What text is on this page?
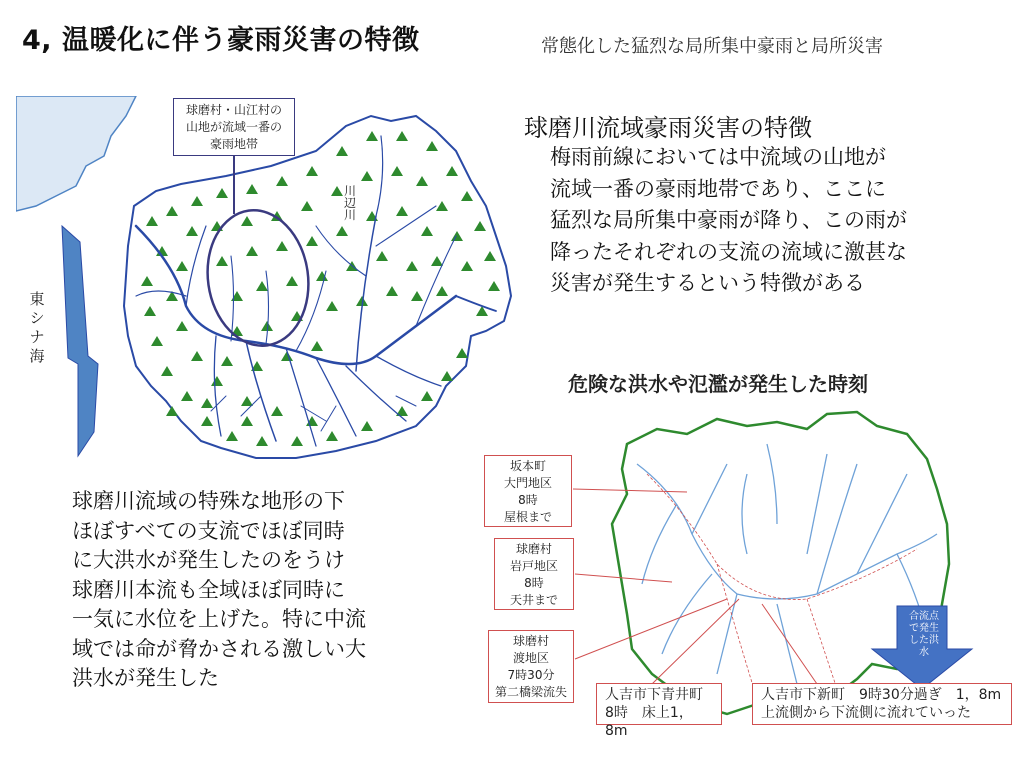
4, 温暖化に伴う豪雨災害の特徴	常態化した猛烈な局所集中豪雨と局所災害
球磨村・山江村の
山地が流域一番の
豪雨地帯
川
辺
川
東
シ
ナ
海
球磨川流域豪雨災害の特徴
梅雨前線においては中流域の山地が
流域一番の豪雨地帯であり、ここに
猛烈な局所集中豪雨が降り、この雨が
降ったそれぞれの支流の流域に激甚な
災害が発生するという特徴がある
危険な洪水や氾濫が発生した時刻
坂本町
大門地区
8時
屋根まで
球磨村
岩戸地区
8時
天井まで
球磨村
渡地区
7時30分
第二橋梁流失	人吉市下青井町
8時　床上1，8m
人吉市下新町　9時30分過ぎ　1，8m
上流側から下流側に流れていった
合流点
で発生
した洪
水
球磨川流域の特殊な地形の下
ほぼすべての支流でほぼ同時
に大洪水が発生したのをうけ
球磨川本流も全域ほぼ同時に
一気に水位を上げた。特に中流
域では命が脅かされる激しい大
洪水が発生した
